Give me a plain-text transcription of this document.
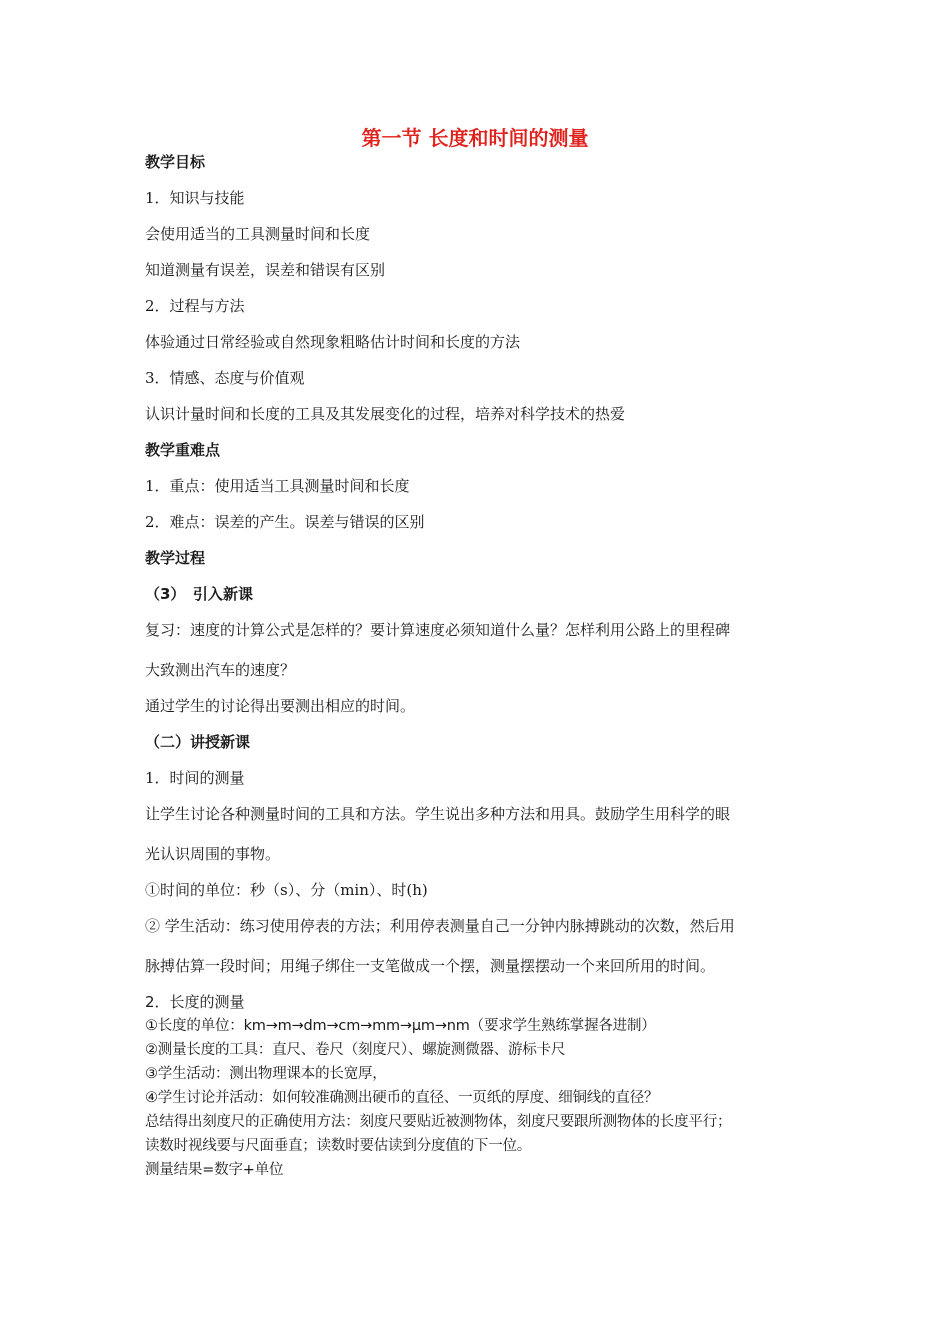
第一节 长度和时间的测量
教学目标
1．知识与技能
会使用适当的工具测量时间和长度
知道测量有误差，误差和错误有区别
2．过程与方法
体验通过日常经验或自然现象粗略估计时间和长度的方法
3．情感、态度与价值观
认识计量时间和长度的工具及其发展变化的过程，培养对科学技术的热爱
教学重难点
1．重点：使用适当工具测量时间和长度
2．难点：误差的产生。误差与错误的区别
教学过程
（3）　引入新课
复习：速度的计算公式是怎样的？要计算速度必须知道什么量？怎样利用公路上的里程碑
大致测出汽车的速度？
通过学生的讨论得出要测出相应的时间。
（二）讲授新课
1．时间的测量
让学生讨论各种测量时间的工具和方法。学生说出多种方法和用具。鼓励学生用科学的眼
光认识周围的事物。
①时间的单位：秒（s）、分（min）、时(h)
② 学生活动：练习使用停表的方法；利用停表测量自己一分钟内脉搏跳动的次数，然后用
脉搏估算一段时间；用绳子绑住一支笔做成一个摆，测量摆摆动一个来回所用的时间。
2．长度的测量
①长度的单位：km→m→dm→cm→mm→μm→nm（要求学生熟练掌握各进制）
②测量长度的工具：直尺、卷尺（刻度尺）、螺旋测微器、游标卡尺
③学生活动：测出物理课本的长宽厚，
④学生讨论并活动：如何较准确测出硬币的直径、一页纸的厚度、细铜线的直径？
总结得出刻度尺的正确使用方法：刻度尺要贴近被测物体，刻度尺要跟所测物体的长度平行；
读数时视线要与尺面垂直；读数时要估读到分度值的下一位。
测量结果=数字+单位
